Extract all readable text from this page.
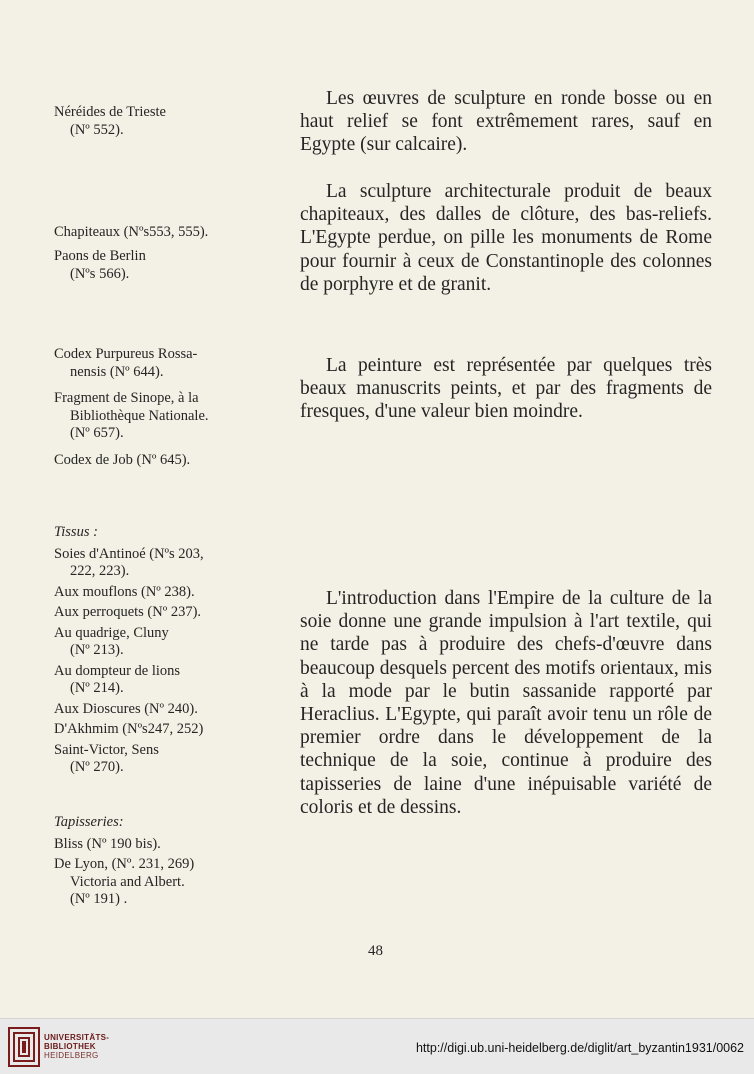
Néréides de Trieste
(Nº 552).
Chapiteaux (Nºs553, 555).
Paons de Berlin
(Nºs 566).
Codex Purpureus Rossa-
nensis (Nº 644).
Fragment de Sinope, à la
Bibliothèque Nationale.
(Nº 657).
Codex de Job (Nº 645).
Tissus :
Soies d'Antinoé (Nºs 203,
222, 223).
Aux mouflons (Nº 238).
Aux perroquets (Nº 237).
Au quadrige, Cluny
(Nº 213).
Au dompteur de lions
(Nº 214).
Aux Dioscures (Nº 240).
D'Akhmim (Nºs247, 252)
Saint-Victor, Sens
(Nº 270).
Tapisseries:
Bliss (Nº 190 bis).
De Lyon, (Nº. 231, 269)
Victoria and Albert.
(Nº 191) .

Les œuvres de sculpture en ronde bosse ou en haut relief se font extrêmement rares, sauf en Egypte (sur calcaire).

La sculpture architecturale produit de beaux chapiteaux, des dalles de clôture, des bas-reliefs. L'Egypte perdue, on pille les monuments de Rome pour fournir à ceux de Constantinople des colonnes de porphyre et de granit.

La peinture est représentée par quelques très beaux manuscrits peints, et par des fragments de fresques, d'une valeur bien moindre.

L'introduction dans l'Empire de la culture de la soie donne une grande impulsion à l'art textile, qui ne tarde pas à produire des chefs-d'œuvre dans beaucoup desquels percent des motifs orientaux, mis à la mode par le butin sassanide rapporté par Heraclius. L'Egypte, qui paraît avoir tenu un rôle de premier ordre dans le développement de la technique de la soie, continue à produire des tapisseries de laine d'une inépuisable variété de coloris et de dessins.

48
UNIVERSITÄTS-
BIBLIOTHEK
HEIDELBERG
http://digi.ub.uni-heidelberg.de/diglit/art_byzantin1931/0062
